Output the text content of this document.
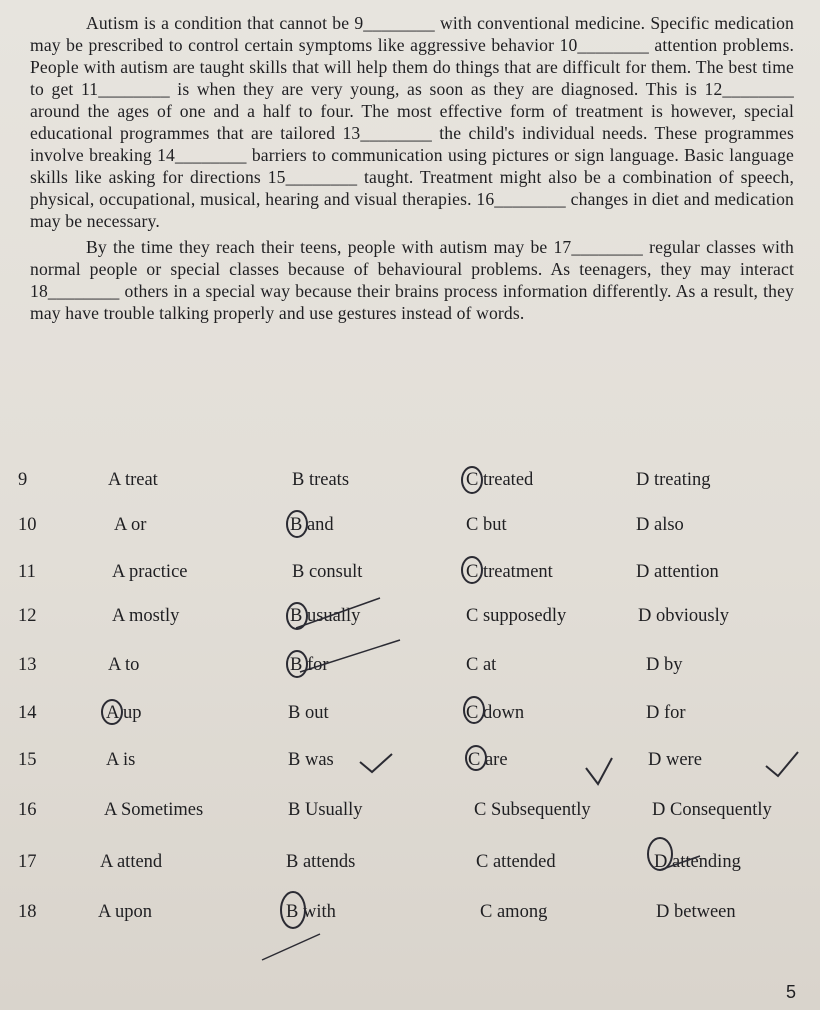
Autism is a condition that cannot be 9________ with conventional medicine. Specific medication may be prescribed to control certain symptoms like aggressive behavior 10________ attention problems. People with autism are taught skills that will help them do things that are difficult for them. The best time to get 11________ is when they are very young, as soon as they are diagnosed. This is 12________ around the ages of one and a half to four. The most effective form of treatment is however, special educational programmes that are tailored 13________ the child's individual needs. These programmes involve breaking 14________ barriers to communication using pictures or sign language. Basic language skills like asking for directions 15________ taught. Treatment might also be a combination of speech, physical, occupational, musical, hearing and visual therapies. 16________ changes in diet and medication may be necessary.

By the time they reach their teens, people with autism may be 17________ regular classes with normal people or special classes because of behavioural problems. As teenagers, they may interact 18________ others in a special way because their brains process information differently. As a result, they may have trouble talking properly and use gestures instead of words.

9	A treat	B treats	C treated	D treating
10	A or	B and	C but	D also
11	A practice	B consult	C treatment	D attention
12	A mostly	B usually	C supposedly	D obviously
13	A to	B for	C at	D by
14	A up	B out	C down	D for
15	A is	B was	C are	D were
16	A Sometimes	B Usually	C Subsequently	D Consequently
17	A attend	B attends	C attended	D attending
18	A upon	B with	C among	D between
5
